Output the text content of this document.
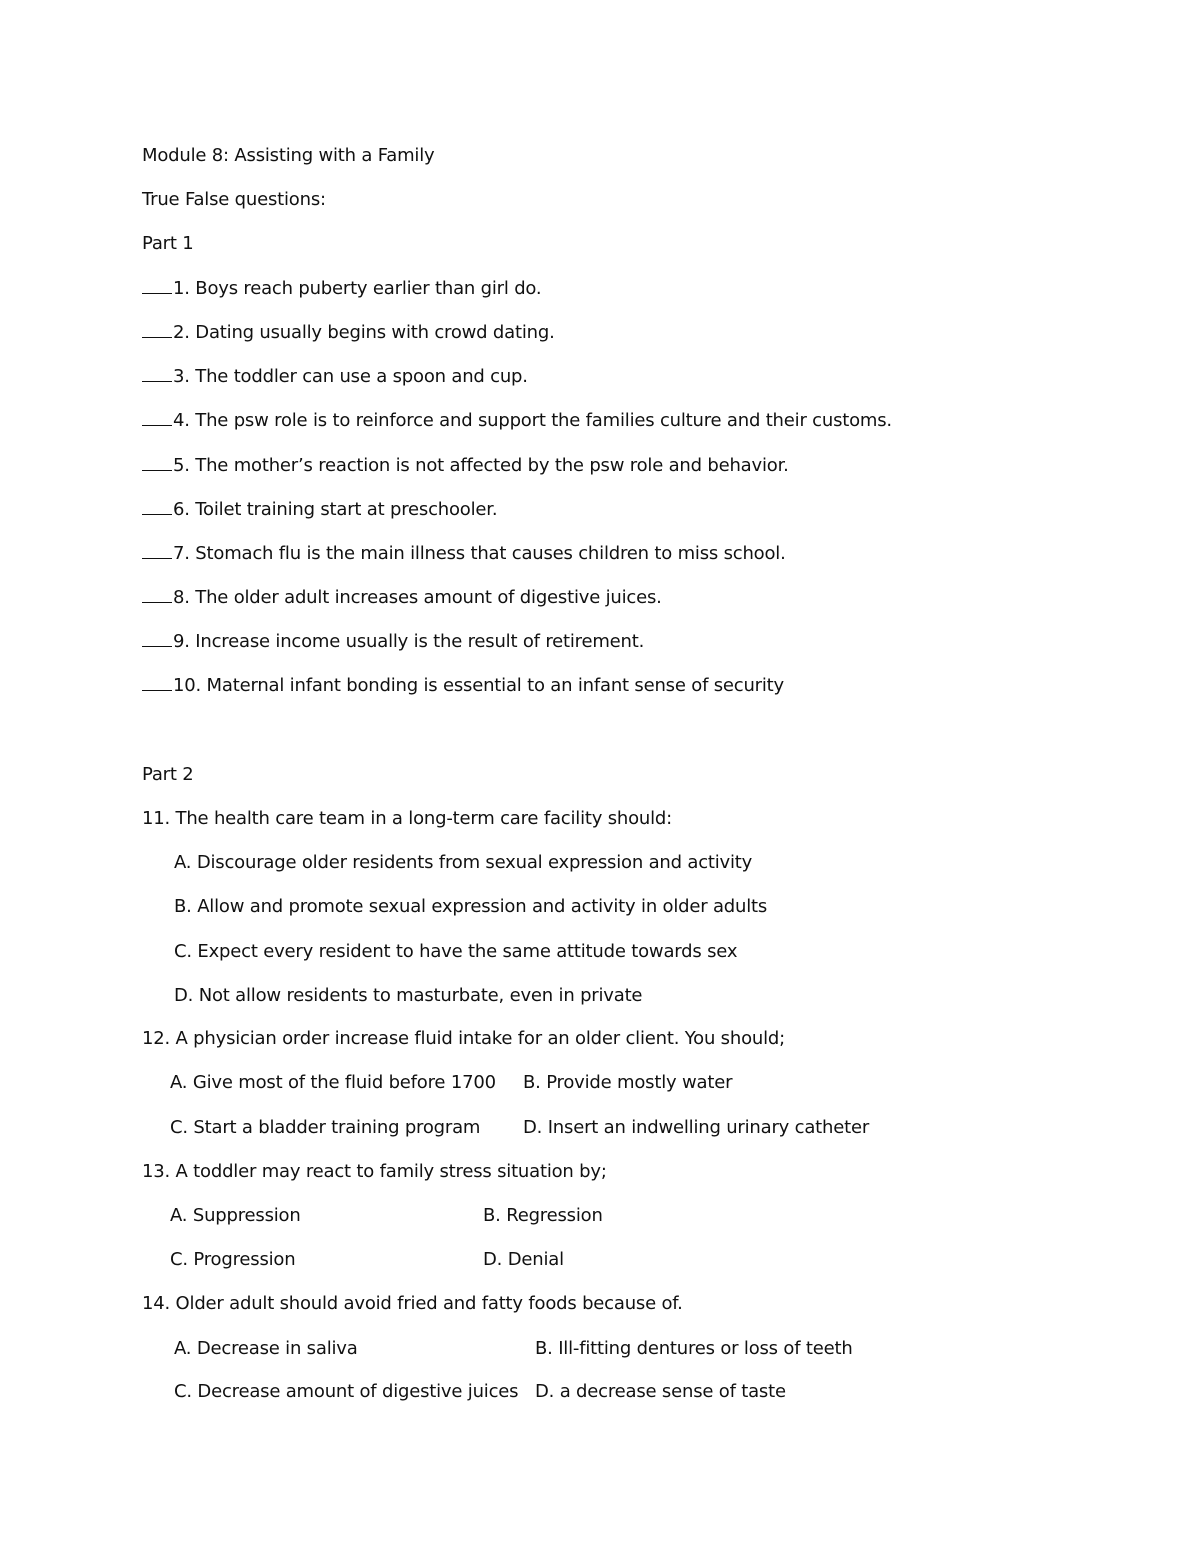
Module 8: Assisting with a Family
True False questions:
Part 1
1. Boys reach puberty earlier than girl do.
2. Dating usually begins with crowd dating.
3. The toddler can use a spoon and cup.
4. The psw role is to reinforce and support the families culture and their customs.
5. The mother’s reaction is not affected by the psw role and behavior.
6. Toilet training start at preschooler.
7. Stomach flu is the main illness that causes children to miss school.
8. The older adult increases amount of digestive juices.
9. Increase income usually is the result of retirement.
10. Maternal infant bonding is essential to an infant sense of security
Part 2
11. The health care team in a long-term care facility should:
A. Discourage older residents from sexual expression and activity
B. Allow and promote sexual expression and activity in older adults
C. Expect every resident to have the same attitude towards sex
D. Not allow residents to masturbate, even in private
12. A physician order increase fluid intake for an older client. You should;
A. Give most of the fluid before 1700 B. Provide mostly water
C. Start a bladder training program D. Insert an indwelling urinary catheter
13. A toddler may react to family stress situation by;
A. Suppression	B. Regression
C. Progression	D. Denial
14. Older adult should avoid fried and fatty foods because of.
A. Decrease in saliva	B. Ill-fitting dentures or loss of teeth
C. Decrease amount of digestive juices D. a decrease sense of taste
